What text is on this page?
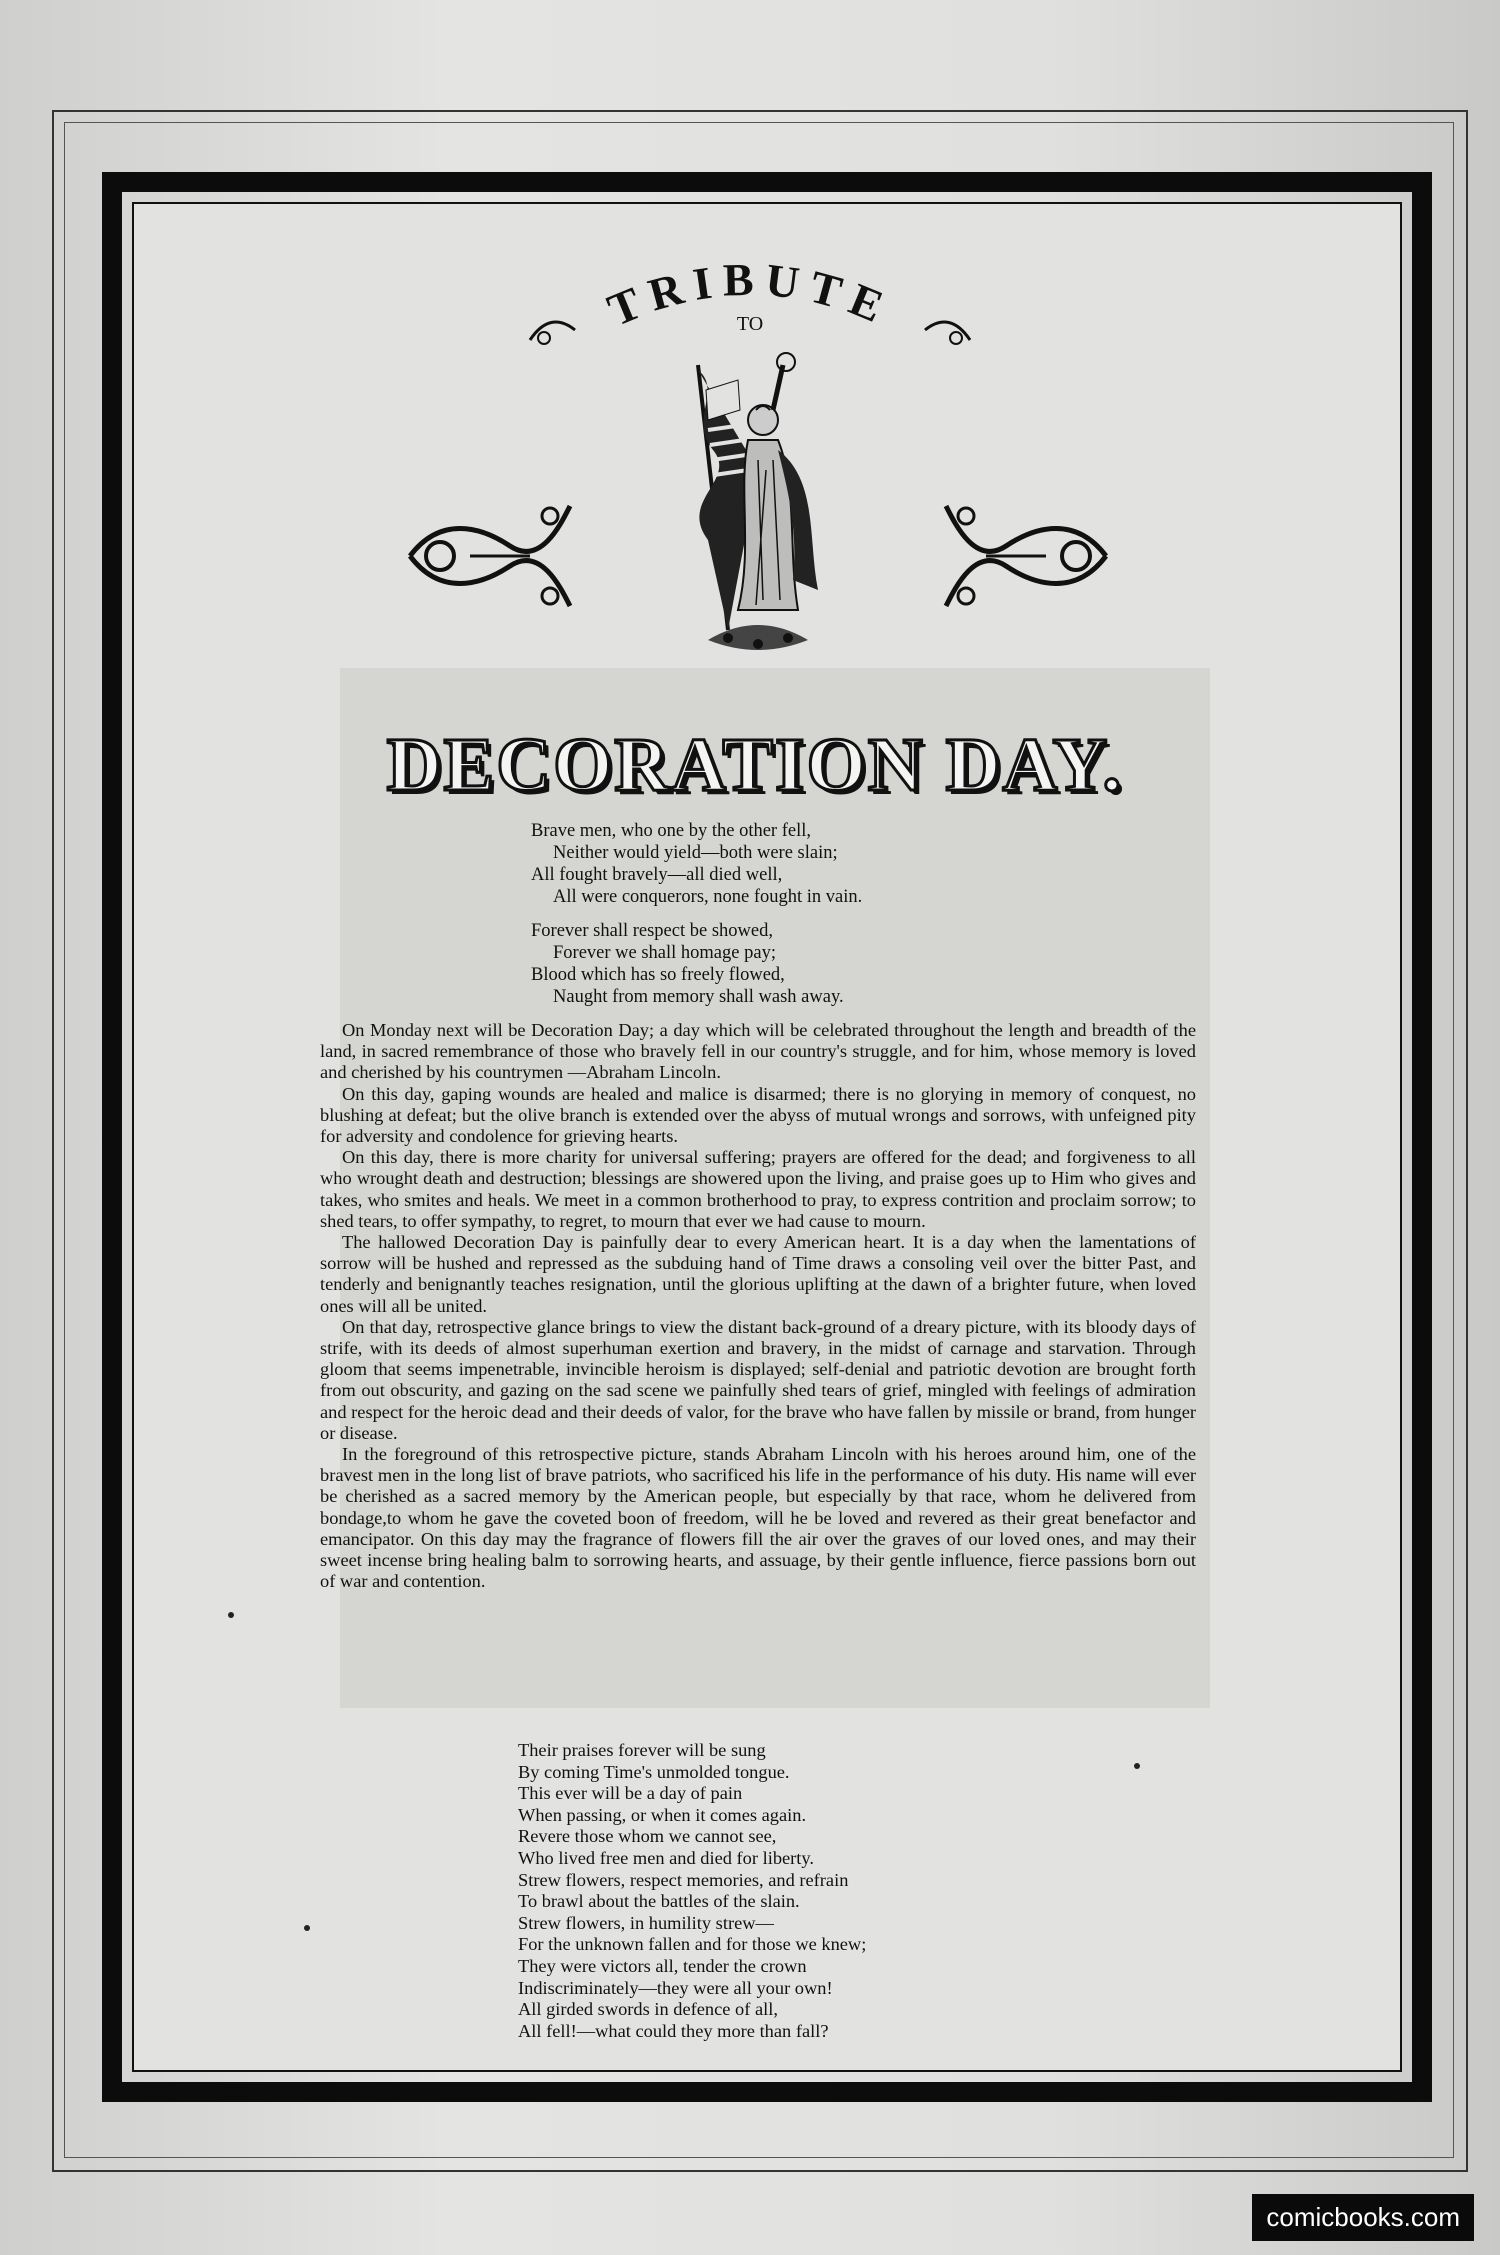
TRIBUTE
TO
DECORATION DAY.
Brave men, who one by the other fell,
Neither would yield—both were slain;
All fought bravely—all died well,
All were conquerors, none fought in vain.
Forever shall respect be showed,
Forever we shall homage pay;
Blood which has so freely flowed,
Naught from memory shall wash away.

On Monday next will be Decoration Day; a day which will be celebrated throughout the length and breadth of the land, in sacred remembrance of those who bravely fell in our country's struggle, and for him, whose memory is loved and cherished by his countrymen —Abraham Lincoln.

On this day, gaping wounds are healed and malice is disarmed; there is no glorying in memory of conquest, no blushing at defeat; but the olive branch is extended over the abyss of mutual wrongs and sorrows, with unfeigned pity for adversity and condolence for grieving hearts.

On this day, there is more charity for universal suffering; prayers are offered for the dead; and forgiveness to all who wrought death and destruction; blessings are showered upon the living, and praise goes up to Him who gives and takes, who smites and heals. We meet in a common brotherhood to pray, to express contrition and proclaim sorrow; to shed tears, to offer sympathy, to regret, to mourn that ever we had cause to mourn.

The hallowed Decoration Day is painfully dear to every American heart. It is a day when the lamentations of sorrow will be hushed and repressed as the subduing hand of Time draws a consoling veil over the bitter Past, and tenderly and benignantly teaches resignation, until the glorious uplifting at the dawn of a brighter future, when loved ones will all be united.

On that day, retrospective glance brings to view the distant back-ground of a dreary picture, with its bloody days of strife, with its deeds of almost superhuman exertion and bravery, in the midst of carnage and starvation. Through gloom that seems impenetrable, invincible heroism is displayed; self-denial and patriotic devotion are brought forth from out obscurity, and gazing on the sad scene we painfully shed tears of grief, mingled with feelings of admiration and respect for the heroic dead and their deeds of valor, for the brave who have fallen by missile or brand, from hunger or disease.

In the foreground of this retrospective picture, stands Abraham Lincoln with his heroes around him, one of the bravest men in the long list of brave patriots, who sacrificed his life in the performance of his duty. His name will ever be cherished as a sacred memory by the American people, but especially by that race, whom he delivered from bondage,to whom he gave the coveted boon of freedom, will he be loved and revered as their great benefactor and emancipator. On this day may the fragrance of flowers fill the air over the graves of our loved ones, and may their sweet incense bring healing balm to sorrowing hearts, and assuage, by their gentle influence, fierce passions born out of war and contention.

Their praises forever will be sung
By coming Time's unmolded tongue.
This ever will be a day of pain
When passing, or when it comes again.
Revere those whom we cannot see,
Who lived free men and died for liberty.
Strew flowers, respect memories, and refrain
To brawl about the battles of the slain.
Strew flowers, in humility strew—
For the unknown fallen and for those we knew;
They were victors all, tender the crown
Indiscriminately—they were all your own!
All girded swords in defence of all,
All fell!—what could they more than fall?
comicbooks.com
